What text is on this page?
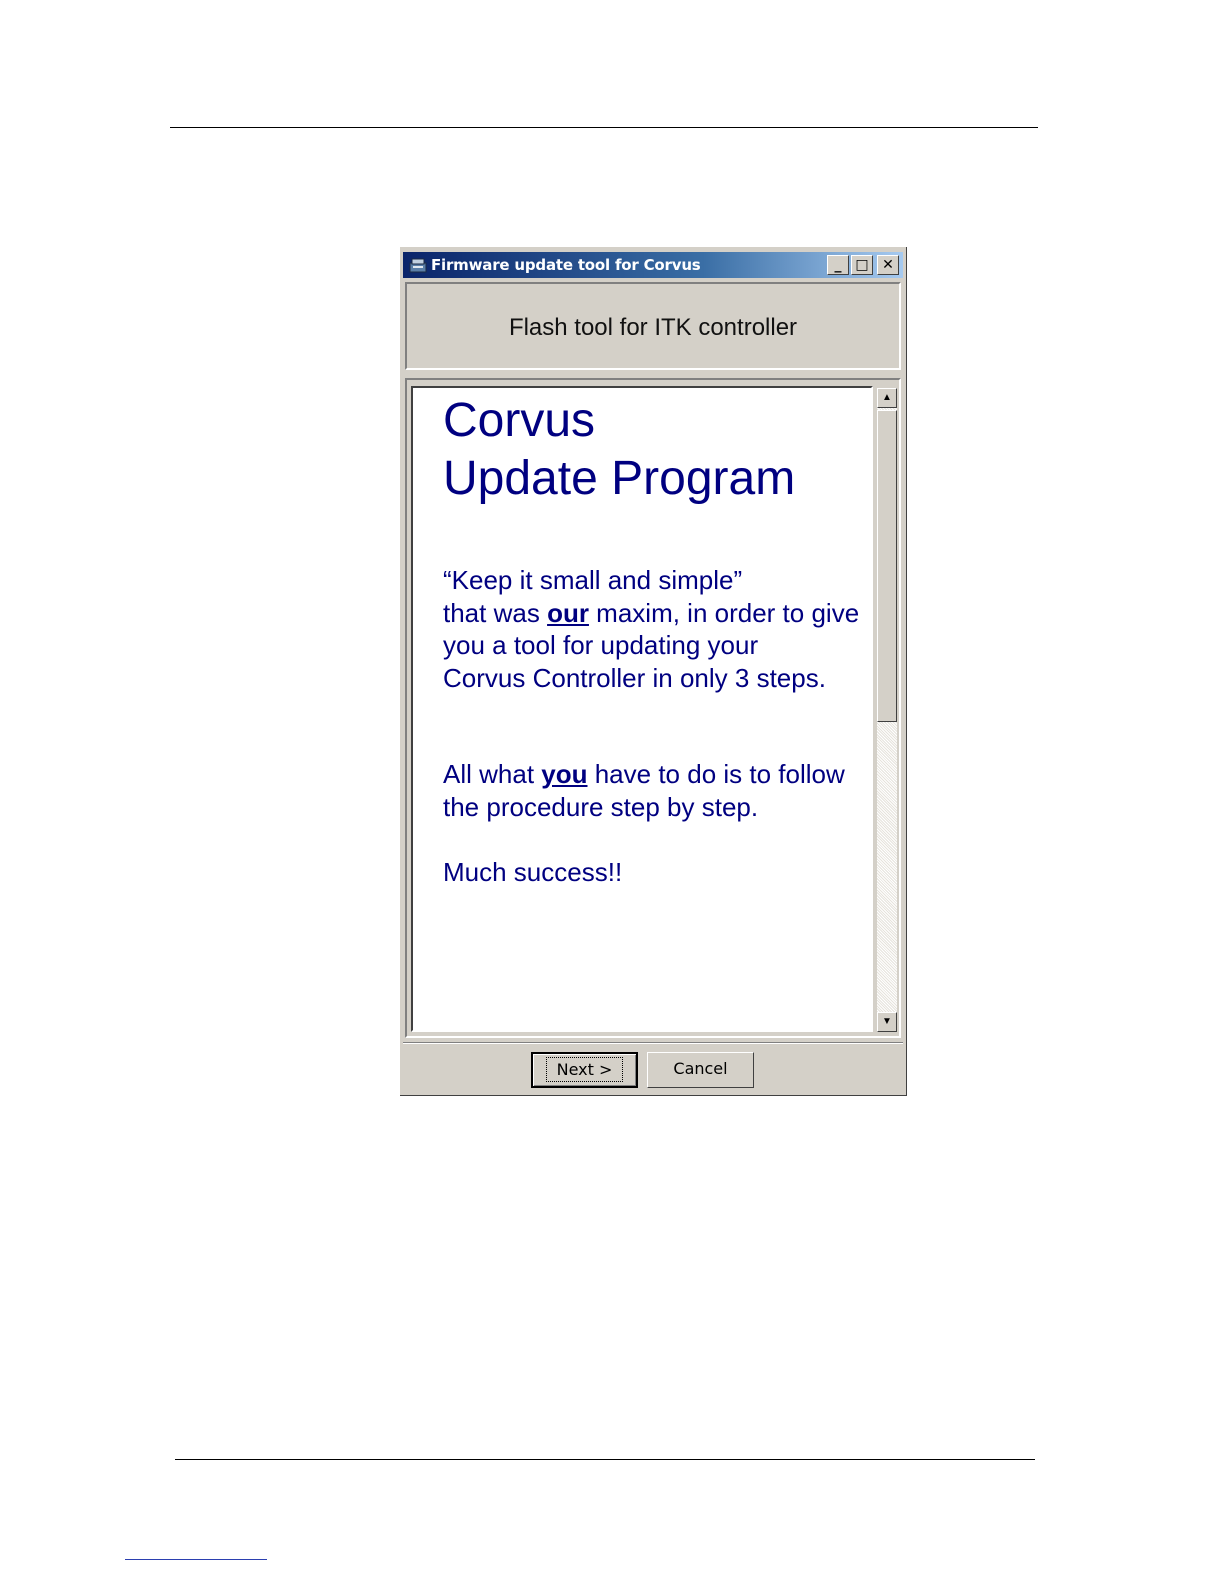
Firmware update tool for Corvus	_ □ ✕
Flash tool for ITK controller
Corvus
Update Program
“Keep it small and simple”
that was our maxim, in order to give
you a tool for updating your
Corvus Controller in only 3 steps.
All what you have to do is to follow the procedure step by step.
Much success!!
▲
▼
Next >	Cancel
